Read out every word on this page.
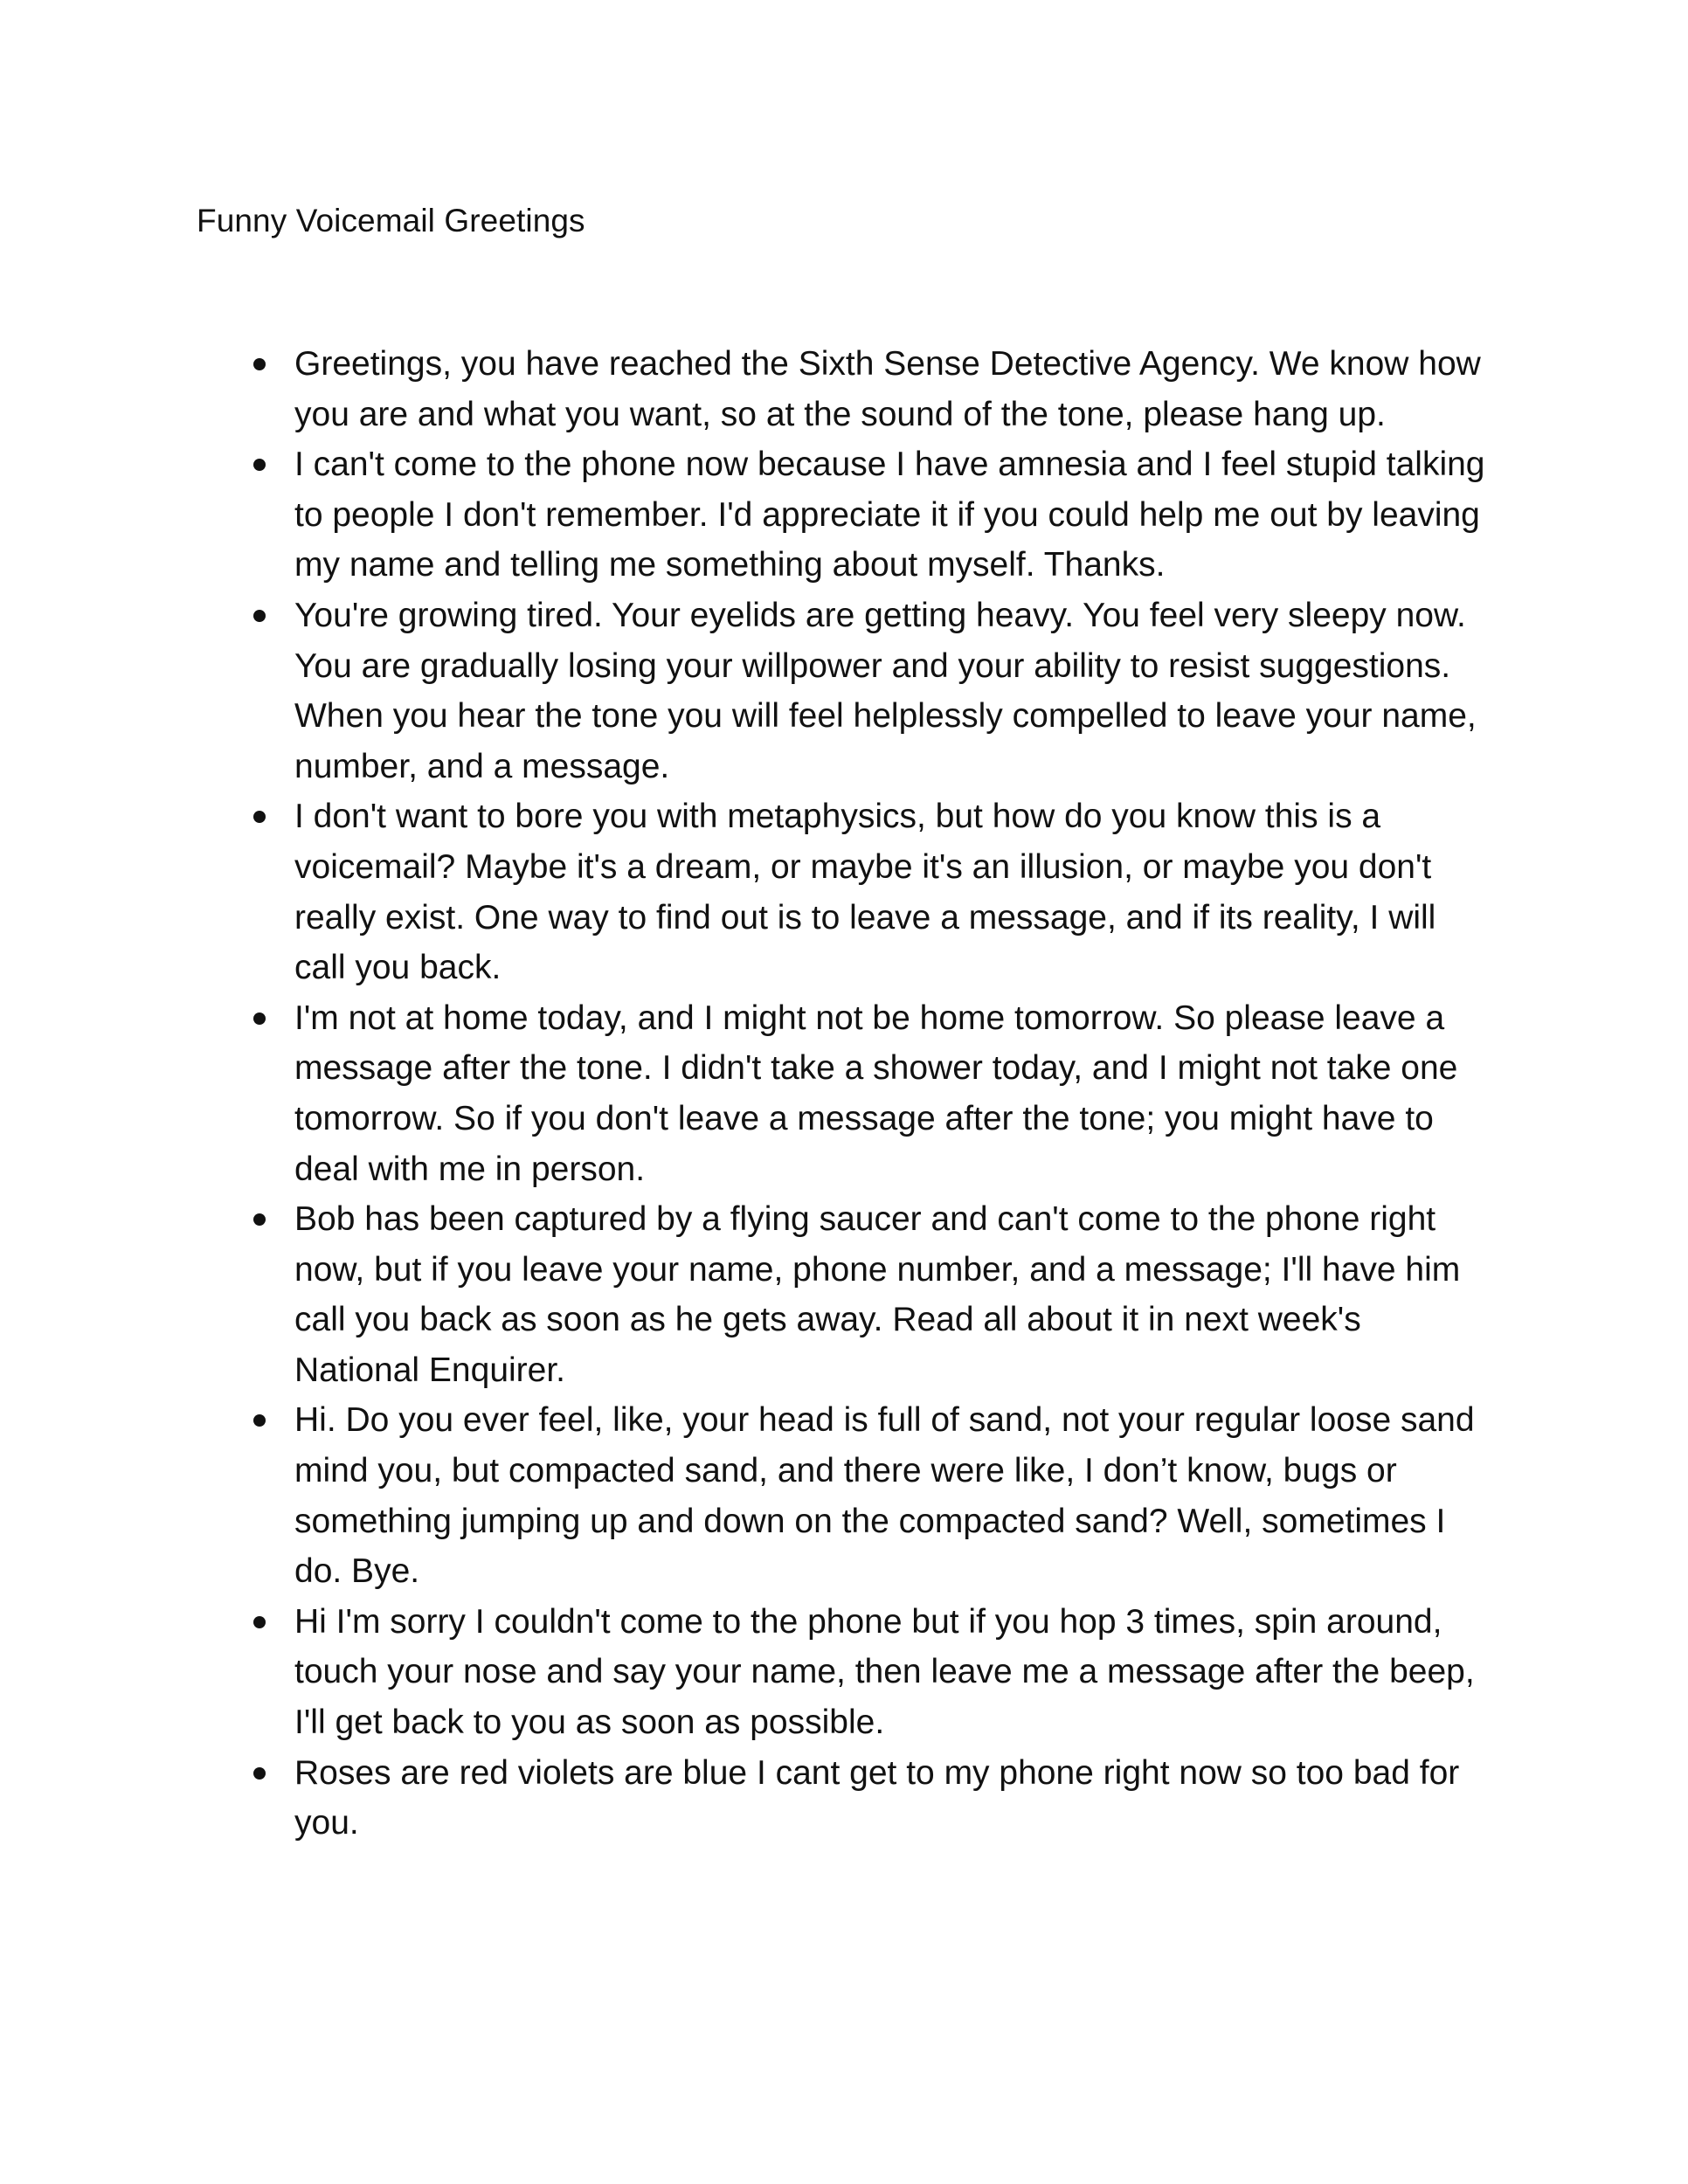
Funny Voicemail Greetings
Greetings, you have reached the Sixth Sense Detective Agency. We know how you are and what you want, so at the sound of the tone, please hang up.
I can't come to the phone now because I have amnesia and I feel stupid talking to people I don't remember. I'd appreciate it if you could help me out by leaving my name and telling me something about myself. Thanks.
You're growing tired. Your eyelids are getting heavy. You feel very sleepy now. You are gradually losing your willpower and your ability to resist suggestions. When you hear the tone you will feel helplessly compelled to leave your name, number, and a message.
I don't want to bore you with metaphysics, but how do you know this is a voicemail? Maybe it's a dream, or maybe it's an illusion, or maybe you don't really exist. One way to find out is to leave a message, and if its reality, I will call you back.
I'm not at home today, and I might not be home tomorrow. So please leave a message after the tone. I didn't take a shower today, and I might not take one tomorrow. So if you don't leave a message after the tone; you might have to deal with me in person.
Bob has been captured by a flying saucer and can't come to the phone right now, but if you leave your name, phone number, and a message; I'll have him call you back as soon as he gets away. Read all about it in next week's National Enquirer.
Hi. Do you ever feel, like, your head is full of sand, not your regular loose sand mind you, but compacted sand, and there were like, I don’t know, bugs or something jumping up and down on the compacted sand? Well, sometimes I do. Bye.
Hi I'm sorry I couldn't come to the phone but if you hop 3 times, spin around, touch your nose and say your name, then leave me a message after the beep, I'll get back to you as soon as possible.
Roses are red violets are blue I cant get to my phone right now so too bad for you.
